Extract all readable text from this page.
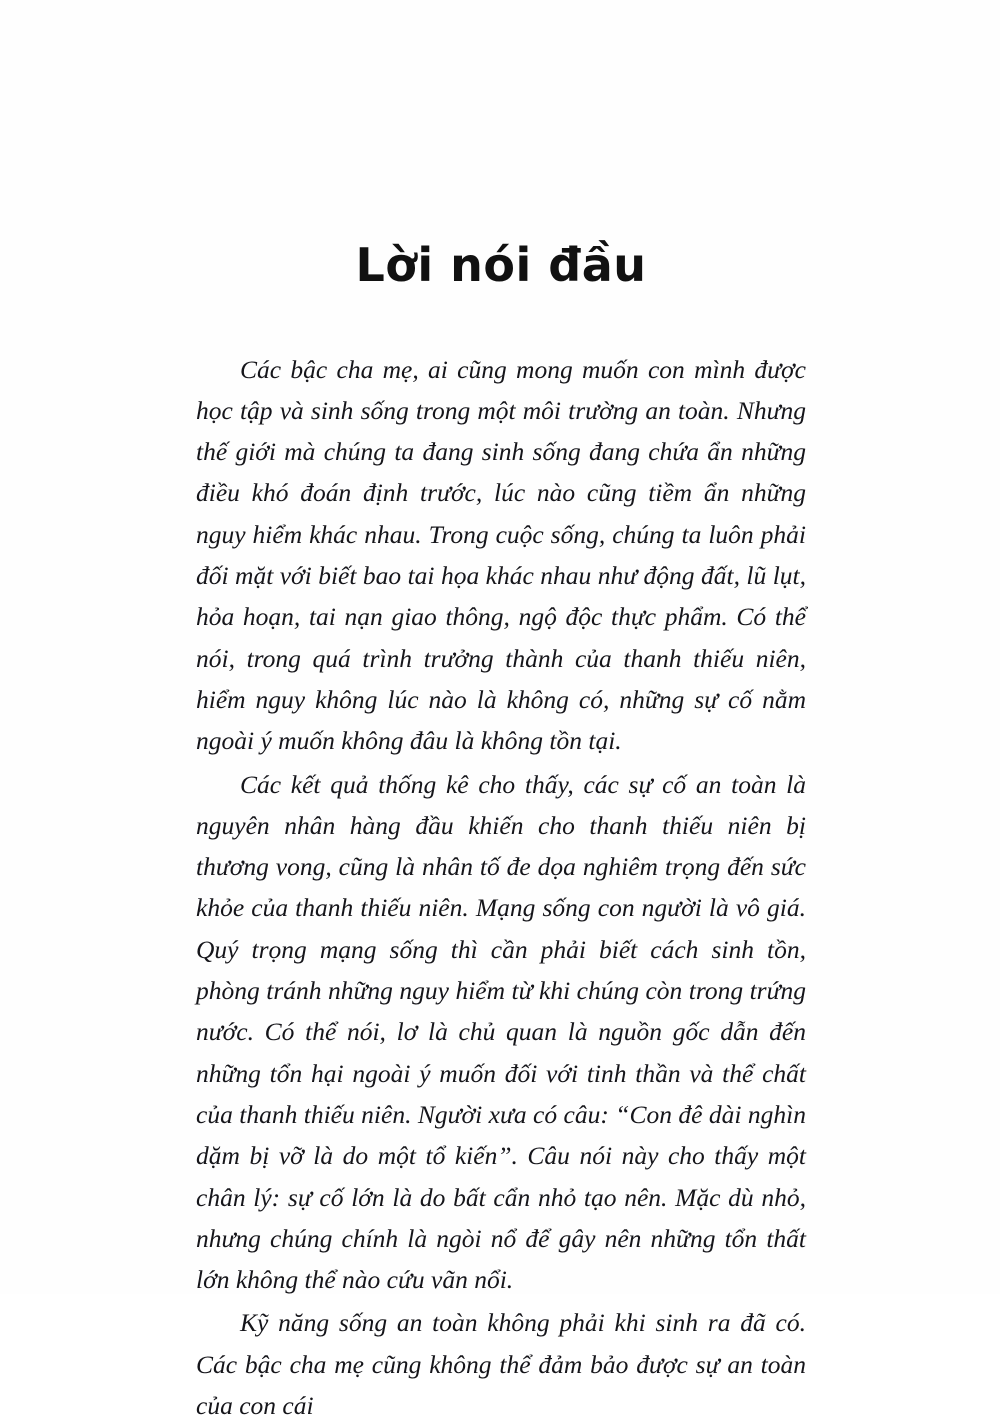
Lời nói đầu

Các bậc cha mẹ, ai cũng mong muốn con mình được học tập và sinh sống trong một môi trường an toàn. Nhưng thế giới mà chúng ta đang sinh sống đang chứa ẩn những điều khó đoán định trước, lúc nào cũng tiềm ẩn những nguy hiểm khác nhau. Trong cuộc sống, chúng ta luôn phải đối mặt với biết bao tai họa khác nhau như động đất, lũ lụt, hỏa hoạn, tai nạn giao thông, ngộ độc thực phẩm. Có thể nói, trong quá trình trưởng thành của thanh thiếu niên, hiểm nguy không lúc nào là không có, những sự cố nằm ngoài ý muốn không đâu là không tồn tại.

Các kết quả thống kê cho thấy, các sự cố an toàn là nguyên nhân hàng đầu khiến cho thanh thiếu niên bị thương vong, cũng là nhân tố đe dọa nghiêm trọng đến sức khỏe của thanh thiếu niên. Mạng sống con người là vô giá. Quý trọng mạng sống thì cần phải biết cách sinh tồn, phòng tránh những nguy hiểm từ khi chúng còn trong trứng nước. Có thể nói, lơ là chủ quan là nguồn gốc dẫn đến những tổn hại ngoài ý muốn đối với tinh thần và thể chất của thanh thiếu niên. Người xưa có câu: “Con đê dài nghìn dặm bị vỡ là do một tổ kiến”. Câu nói này cho thấy một chân lý: sự cố lớn là do bất cẩn nhỏ tạo nên. Mặc dù nhỏ, nhưng chúng chính là ngòi nổ để gây nên những tổn thất lớn không thể nào cứu vãn nổi.

Kỹ năng sống an toàn không phải khi sinh ra đã có. Các bậc cha mẹ cũng không thể đảm bảo được sự an toàn của con cái
